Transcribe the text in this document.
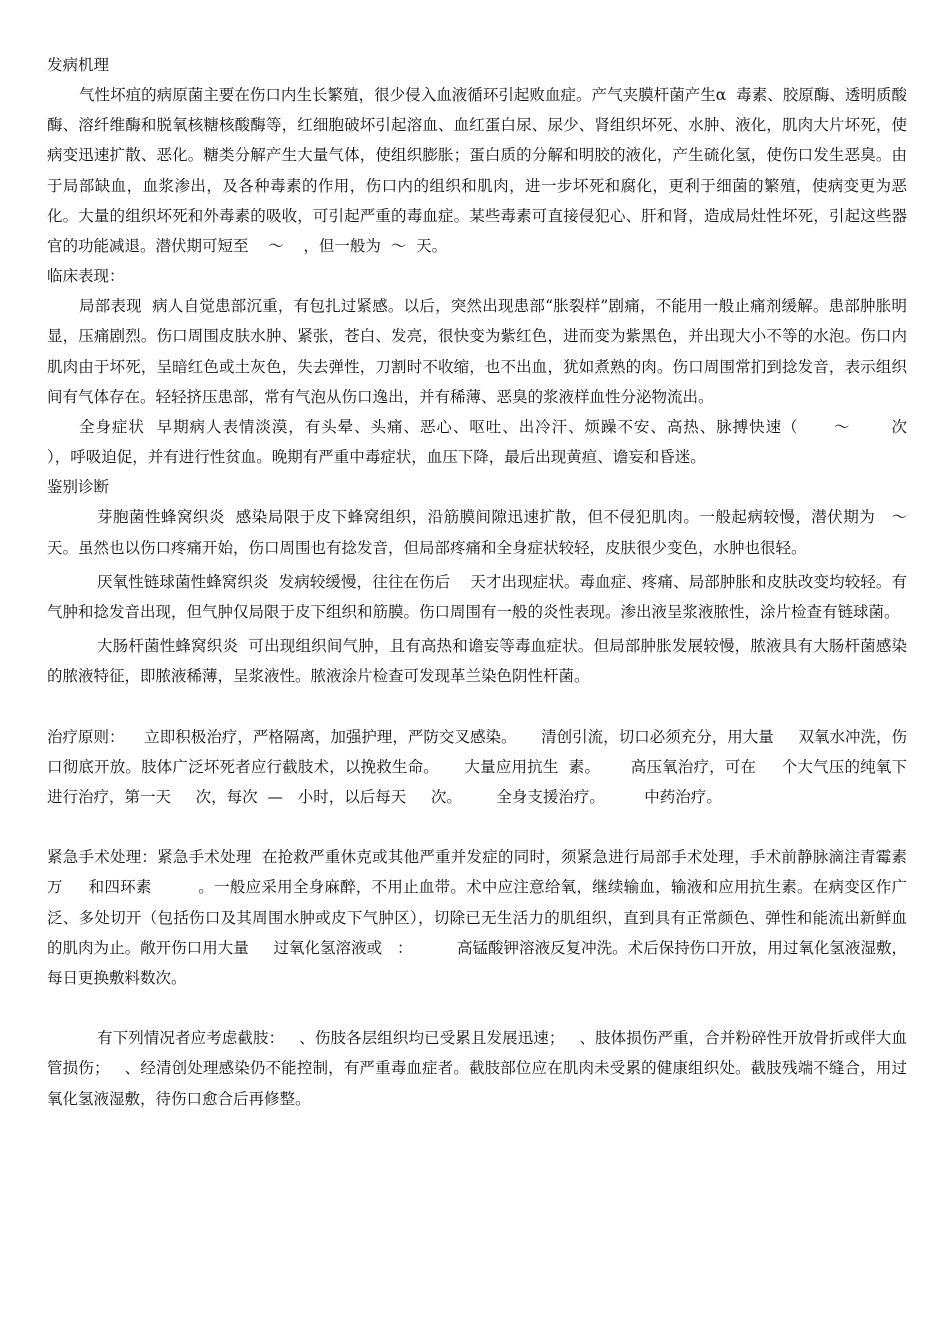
发病机理

气性坏疽的病原菌主要在伤口内生长繁殖，很少侵入血液循环引起败血症。产气夹膜杆菌产生α  毒素、胶原酶、透明质酸酶、溶纤维酶和脱氧核糖核酸酶等，红细胞破坏引起溶血、血红蛋白尿、尿少、肾组织坏死、水肿、液化，肌肉大片坏死，使病变迅速扩散、恶化。糖类分解产生大量气体，使组织膨胀；蛋白质的分解和明胶的液化，产生硫化氢，使伤口发生恶臭。由于局部缺血，血浆渗出，及各种毒素的作用，伤口内的组织和肌肉，进一步坏死和腐化，更利于细菌的繁殖，使病变更为恶化。大量的组织坏死和外毒素的吸收，可引起严重的毒血症。某些毒素可直接侵犯心、肝和肾，造成局灶性坏死，引起这些器官的功能减退。潜伏期可短至    ～    ，但一般为  ～  天。

临床表现：

局部表现  病人自觉患部沉重，有包扎过紧感。以后，突然出现患部“胀裂样”剧痛，不能用一般止痛剂缓解。患部肿胀明显，压痛剧烈。伤口周围皮肤水肿、紧张，苍白、发亮，很快变为紫红色，进而变为紫黑色，并出现大小不等的水泡。伤口内肌肉由于坏死，呈暗红色或土灰色，失去弹性，刀割时不收缩，也不出血，犹如煮熟的肉。伤口周围常扪到捻发音，表示组织间有气体存在。轻轻挤压患部，常有气泡从伤口逸出，并有稀薄、恶臭的浆液样血性分泌物流出。

全身症状  早期病人表情淡漠，有头晕、头痛、恶心、呕吐、出冷汗、烦躁不安、高热、脉搏快速（      ～       次       ），呼吸迫促，并有进行性贫血。晚期有严重中毒症状，血压下降，最后出现黄疸、谵妄和昏迷。

鉴别诊断

芽胞菌性蜂窝织炎  感染局限于皮下蜂窝组织，沿筋膜间隙迅速扩散，但不侵犯肌肉。一般起病较慢，潜伏期为   ～  天。虽然也以伤口疼痛开始，伤口周围也有捻发音，但局部疼痛和全身症状较轻，皮肤很少变色，水肿也很轻。

厌氧性链球菌性蜂窝织炎  发病较缓慢，往往在伤后    天才出现症状。毒血症、疼痛、局部肿胀和皮肤改变均较轻。有气肿和捻发音出现，但气肿仅局限于皮下组织和筋膜。伤口周围有一般的炎性表现。渗出液呈浆液脓性，涂片检查有链球菌。

大肠杆菌性蜂窝织炎  可出现组织间气肿，且有高热和谵妄等毒血症状。但局部肿胀发展较慢，脓液具有大肠杆菌感染的脓液特征，即脓液稀薄，呈浆液性。脓液涂片检查可发现革兰染色阴性杆菌。

治疗原则：    立即积极治疗，严格隔离，加强护理，严防交叉感染。     清创引流，切口必须充分，用大量     双氧水冲洗，伤口彻底开放。肢体广泛坏死者应行截肢术，以挽救生命。     大量应用抗生  素。      高压氧治疗，可在     个大气压的纯氧下进行治疗，第一天     次，每次  —   小时，以后每天     次。       全身支援治疗。        中药治疗。

紧急手术处理：紧急手术处理  在抢救严重休克或其他严重并发症的同时，须紧急进行局部手术处理，手术前静脉滴注青霉素        万     和四环素         。一般应采用全身麻醉，不用止血带。术中应注意给氧，继续输血，输液和应用抗生素。在病变区作广泛、多处切开（包括伤口及其周围水肿或皮下气肿区），切除已无生活力的肌组织，直到具有正常颜色、弹性和能流出新鲜血的肌肉为止。敞开伤口用大量     过氧化氢溶液或   ：         高锰酸钾溶液反复冲洗。术后保持伤口开放，用过氧化氢液湿敷，每日更换敷料数次。

有下列情况者应考虑截肢：   、伤肢各层组织均已受累且发展迅速；   、肢体损伤严重，合并粉碎性开放骨折或伴大血管损伤；   、经清创处理感染仍不能控制，有严重毒血症者。截肢部位应在肌肉未受累的健康组织处。截肢残端不缝合，用过氧化氢液湿敷，待伤口愈合后再修整。
